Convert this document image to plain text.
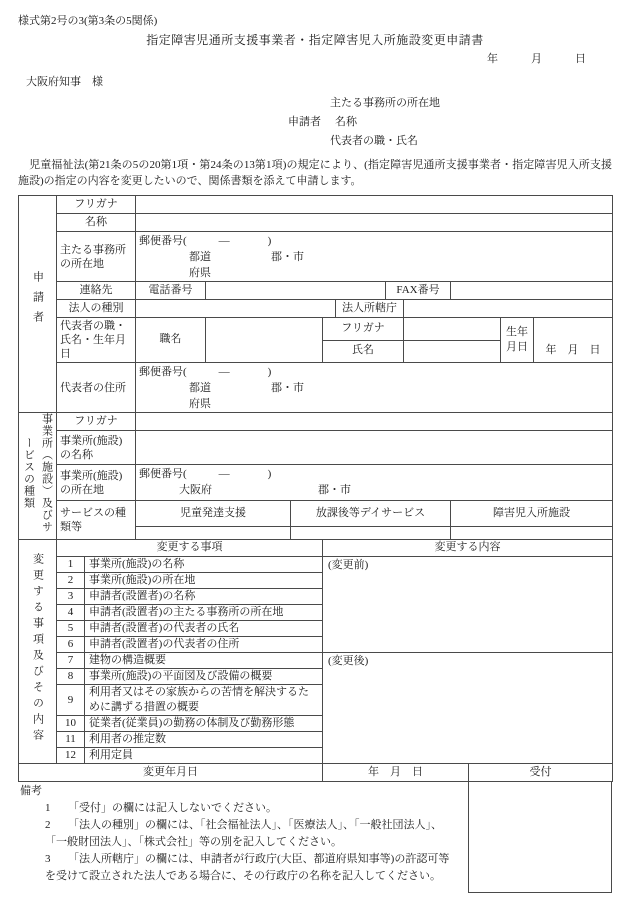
様式第2号の3(第3条の5関係)
指定障害児通所支援事業者・指定障害児入所施設変更申請書
年　　　月　　　日
大阪府知事　様
主たる事務所の所在地
申請者 名称
代表者の職・氏名
　児童福祉法(第21条の5の20第1項・第24条の13第1項)の規定により、(指定障害児通所支援事業者・指定障害児入所支援施設)の指定の内容を変更したいので、関係書類を添えて申請します。
申請者	フリガナ									
	名称									
	主たる事務所の所在地	郵便番号( ― )
都道
府県
郡・市								

	連絡先	電話番号				FAX番号				
	法人の種別				法人所轄庁					
	代表者の職・氏名・生年月日	職名		フリガナ					生年月日	年　月　日
				氏名						
	代表者の住所	郵便番号( ― )
都道
府県
郡・市								
事業所（施設）及びサービスの種類	フリガナ			
	事業所(施設)の名称			
	事業所(施設)の所在地	郵便番号( ― )
大阪府 郡・市		

	サービスの種類等	児童発達支援	放課後等デイサービス	障害児入所施設

変更する事項及びその内容	変更する事項		変更する内容	
	1	事業所(施設)の名称	(変更前)	
	2	事業所(施設)の所在地		
	3	申請者(設置者)の名称		
	4	申請者(設置者)の主たる事務所の所在地		
	5	申請者(設置者)の代表者の氏名		
	6	申請者(設置者)の代表者の住所		
	7	建物の構造概要	(変更後)	
	8	事業所(施設)の平面図及び設備の概要		
	9	利用者又はその家族からの苦情を解決するために講ずる措置の概要		
	10	従業者(従業員)の勤務の体制及び勤務形態		
	11	利用者の推定数		
	12	利用定員		
変更年月日			年　月　日	受付
備考

1 「受付」の欄には記入しないでください。

2 「法人の種別」の欄には、「社会福祉法人」、「医療法人」、「一般社団法人」、「一般財団法人」、「株式会社」等の別を記入してください。

3 「法人所轄庁」の欄には、申請者が行政庁(大臣、都道府県知事等)の許認可等を受けて設立された法人である場合に、その行政庁の名称を記入してください。
